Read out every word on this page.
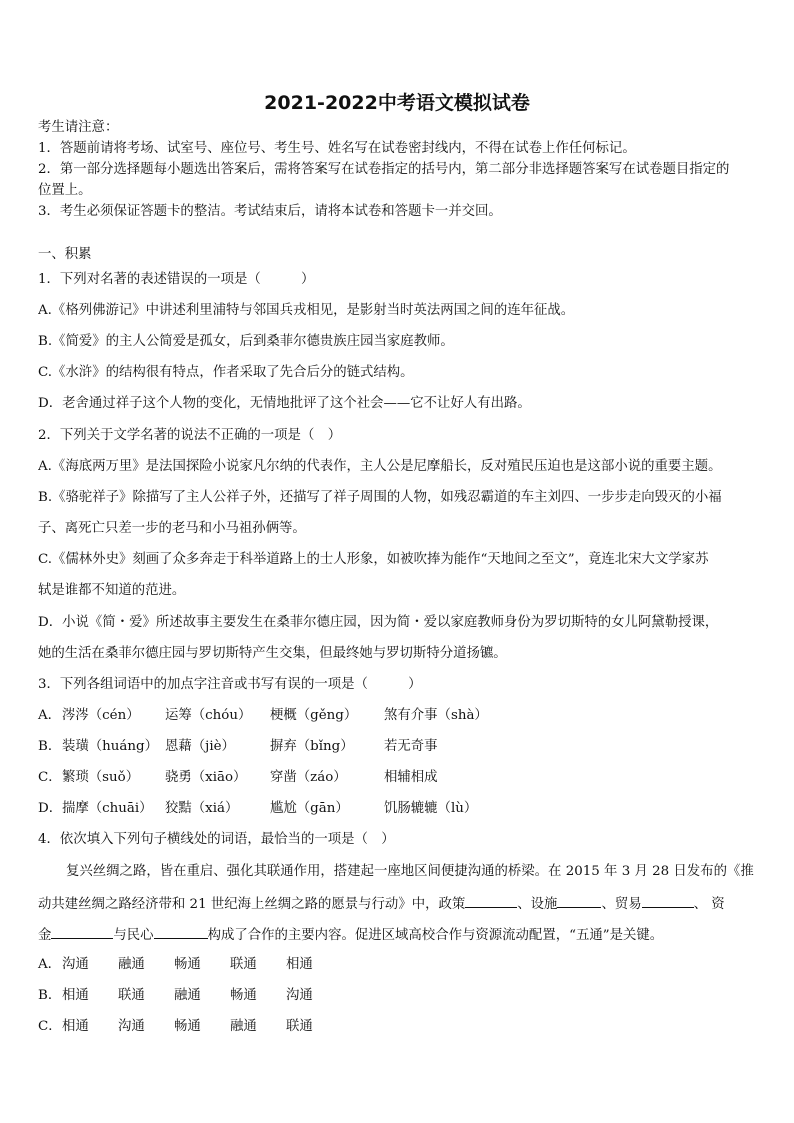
2021-2022中考语文模拟试卷
考生请注意：
1．答题前请将考场、试室号、座位号、考生号、姓名写在试卷密封线内，不得在试卷上作任何标记。
2．第一部分选择题每小题选出答案后，需将答案写在试卷指定的括号内，第二部分非选择题答案写在试卷题目指定的
位置上。
3．考生必须保证答题卡的整洁。考试结束后，请将本试卷和答题卡一并交回。
一、积累
1．下列对名著的表述错误的一项是（　　　）
A.《格列佛游记》中讲述利里浦特与邻国兵戎相见，是影射当时英法两国之间的连年征战。
B.《简爱》的主人公简爱是孤女，后到桑菲尔德贵族庄园当家庭教师。
C.《水浒》的结构很有特点，作者采取了先合后分的链式结构。
D．老舍通过祥子这个人物的变化，无情地批评了这个社会——它不让好人有出路。
2．下列关于文学名著的说法不正确的一项是（　）
A.《海底两万里》是法国探险小说家凡尔纳的代表作，主人公是尼摩船长，反对殖民压迫也是这部小说的重要主题。
B.《骆驼祥子》除描写了主人公祥子外，还描写了祥子周围的人物，如残忍霸道的车主刘四、一步步走向毁灭的小福
子、离死亡只差一步的老马和小马祖孙俩等。
C.《儒林外史》刻画了众多奔走于科举道路上的士人形象，如被吹捧为能作“天地间之至文”，竟连北宋大文学家苏
轼是谁都不知道的范进。
D．小说《简・爱》所述故事主要发生在桑菲尔德庄园，因为简・爱以家庭教师身份为罗切斯特的女儿阿黛勒授课，
她的生活在桑菲尔德庄园与罗切斯特产生交集，但最终她与罗切斯特分道扬镳。
3．下列各组词语中的加点字注音或书写有误的一项是（　　　）
A． 涔涔（cén） 运筹（chóu） 梗概（gěng） 煞有介事（shà）
B． 装璜（huáng） 恩藉（jiè）	摒弃（bǐng） 若无奇事
C． 繁琐（suǒ） 骁勇（xiāo） 穿凿（záo）	相辅相成
D． 揣摩（chuāi） 狡黠（xiá） 尴尬（gān）	饥肠辘辘（lù）
4．依次填入下列句子横线处的词语，最恰当的一项是（　）
复兴丝绸之路，皆在重启、强化其联通作用，搭建起一座地区间便捷沟通的桥梁。在 2015 年 3 月 28 日发布的《推
动共建丝绸之路经济带和 21 世纪海上丝绸之路的愿景与行动》中，政策	、设施	、贸易	、 资
金	与民心	构成了合作的主要内容。促进区域高校合作与资源流动配置，“五通”是关键。
A． 沟通 融通 畅通 联通 相通
B． 相通 联通 融通 畅通 沟通
C． 相通 沟通 畅通 融通 联通
